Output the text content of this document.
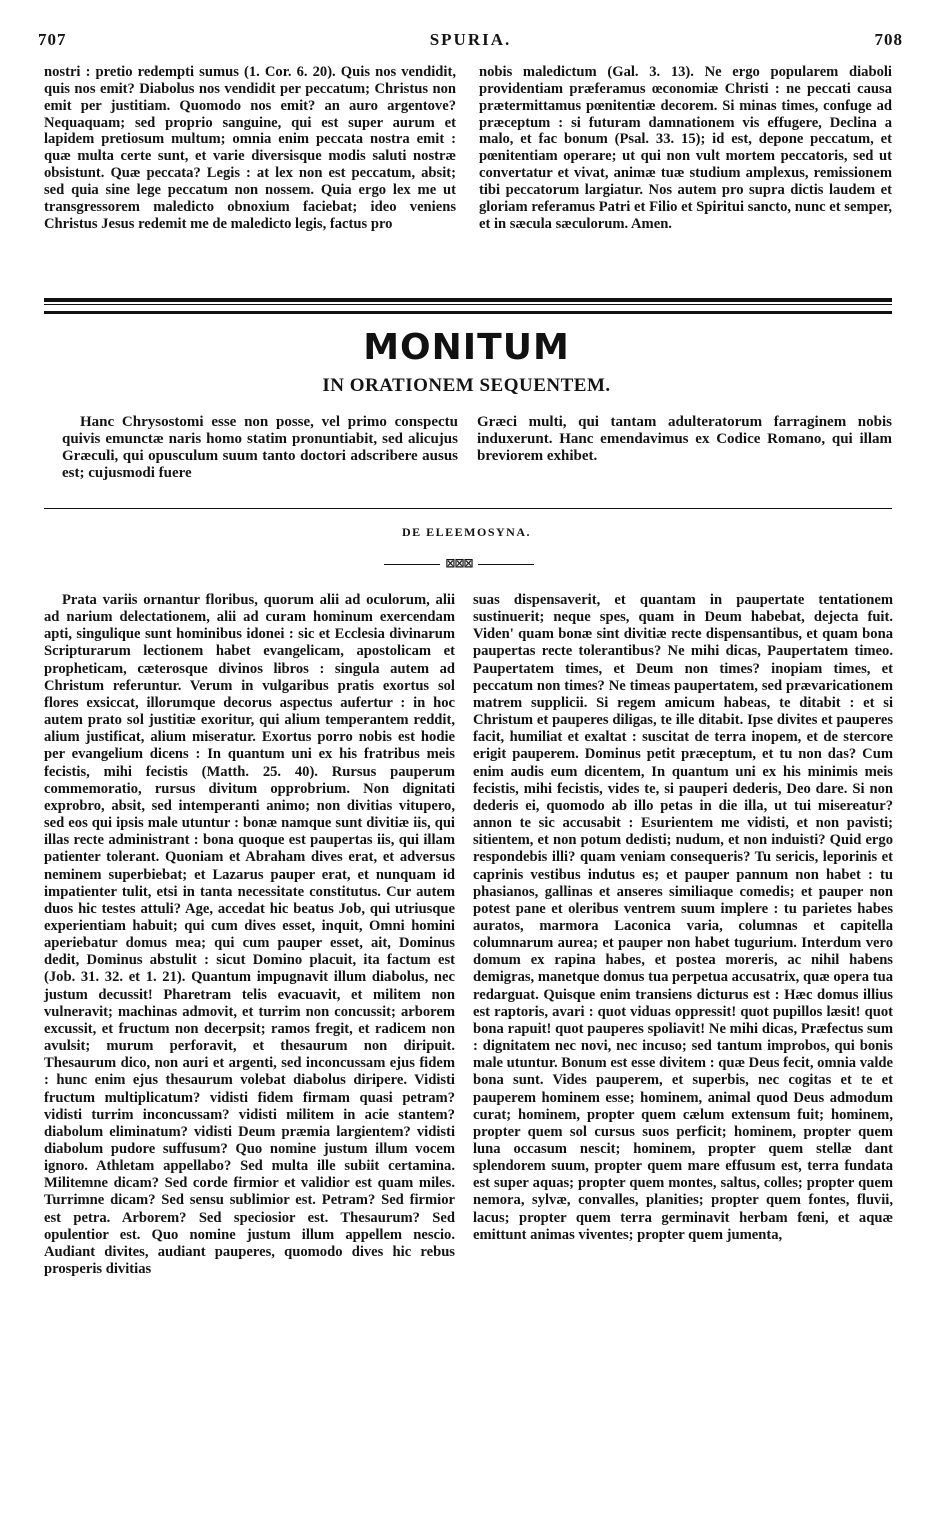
707	SPURIA.	708

nostri : pretio redempti sumus (1. Cor. 6. 20). Quis nos vendidit, quis nos emit? Diabolus nos vendidit per peccatum; Christus non emit per justitiam. Quomodo nos emit? an auro argentove? Nequaquam; sed proprio sanguine, qui est super aurum et lapidem pretiosum multum; omnia enim peccata nostra emit : quæ multa certe sunt, et varie diversisque modis saluti nostræ obsistunt. Quæ peccata? Legis : at lex non est peccatum, absit; sed quia sine lege peccatum non nossem. Quia ergo lex me ut transgressorem maledicto obnoxium faciebat; ideo veniens Christus Jesus redemit me de maledicto legis, factus pro

nobis maledictum (Gal. 3. 13). Ne ergo popularem diaboli providentiam præferamus œconomiæ Christi : ne peccati causa prætermittamus pœnitentiæ decorem. Si minas times, confuge ad præceptum : si futuram damnationem vis effugere, Declina a malo, et fac bonum (Psal. 33. 15); id est, depone peccatum, et pœnitentiam operare; ut qui non vult mortem peccatoris, sed ut convertatur et vivat, animæ tuæ studium amplexus, remissionem tibi peccatorum largiatur. Nos autem pro supra dictis laudem et gloriam referamus Patri et Filio et Spiritui sancto, nunc et semper, et in sæcula sæculorum. Amen.

MONITUM
IN ORATIONEM SEQUENTEM.

Hanc Chrysostomi esse non posse, vel primo conspectu quivis emunctæ naris homo statim pronuntiabit, sed alicujus Græculi, qui opusculum suum tanto doctori adscribere ausus est; cujusmodi fuere

Græci multi, qui tantam adulteratorum farraginem nobis induxerunt. Hanc emendavimus ex Codice Romano, qui illam breviorem exhibet.

DE ELEEMOSYNA.
⊠⊠⊠

Prata variis ornantur floribus, quorum alii ad oculorum, alii ad narium delectationem, alii ad curam hominum exercendam apti, singulique sunt hominibus idonei : sic et Ecclesia divinarum Scripturarum lectionem habet evangelicam, apostolicam et propheticam, cæterosque divinos libros : singula autem ad Christum referuntur. Verum in vulgaribus pratis exortus sol flores exsiccat, illorumque decorus aspectus aufertur : in hoc autem prato sol justitiæ exoritur, qui alium temperantem reddit, alium justificat, alium miseratur. Exortus porro nobis est hodie per evangelium dicens : In quantum uni ex his fratribus meis fecistis, mihi fecistis (Matth. 25. 40). Rursus pauperum commemoratio, rursus divitum opprobrium. Non dignitati exprobro, absit, sed intemperanti animo; non divitias vitupero, sed eos qui ipsis male utuntur : bonæ namque sunt divitiæ iis, qui illas recte administrant : bona quoque est paupertas iis, qui illam patienter tolerant. Quoniam et Abraham dives erat, et adversus neminem superbiebat; et Lazarus pauper erat, et nunquam id impatienter tulit, etsi in tanta necessitate constitutus. Cur autem duos hic testes attuli? Age, accedat hic beatus Job, qui utriusque experientiam habuit; qui cum dives esset, inquit, Omni homini aperiebatur domus mea; qui cum pauper esset, ait, Dominus dedit, Dominus abstulit : sicut Domino placuit, ita factum est (Job. 31. 32. et 1. 21). Quantum impugnavit illum diabolus, nec justum decussit! Pharetram telis evacuavit, et militem non vulneravit; machinas admovit, et turrim non concussit; arborem excussit, et fructum non decerpsit; ramos fregit, et radicem non avulsit; murum perforavit, et thesaurum non diripuit. Thesaurum dico, non auri et argenti, sed inconcussam ejus fidem : hunc enim ejus thesaurum volebat diabolus diripere. Vidisti fructum multiplicatum? vidisti fidem firmam quasi petram? vidisti turrim inconcussam? vidisti militem in acie stantem? diabolum eliminatum? vidisti Deum præmia largientem? vidisti diabolum pudore suffusum? Quo nomine justum illum vocem ignoro. Athletam appellabo? Sed multa ille subiit certamina. Militemne dicam? Sed corde firmior et validior est quam miles. Turrimne dicam? Sed sensu sublimior est. Petram? Sed firmior est petra. Arborem? Sed speciosior est. Thesaurum? Sed opulentior est. Quo nomine justum illum appellem nescio. Audiant divites, audiant pauperes, quomodo dives hic rebus prosperis divitias

suas dispensaverit, et quantam in paupertate tentationem sustinuerit; neque spes, quam in Deum habebat, dejecta fuit. Viden' quam bonæ sint divitiæ recte dispensantibus, et quam bona paupertas recte tolerantibus? Ne mihi dicas, Paupertatem timeo. Paupertatem times, et Deum non times? inopiam times, et peccatum non times? Ne timeas paupertatem, sed prævaricationem matrem supplicii. Si regem amicum habeas, te ditabit : et si Christum et pauperes diligas, te ille ditabit. Ipse divites et pauperes facit, humiliat et exaltat : suscitat de terra inopem, et de stercore erigit pauperem. Dominus petit præceptum, et tu non das? Cum enim audis eum dicentem, In quantum uni ex his minimis meis fecistis, mihi fecistis, vides te, si pauperi dederis, Deo dare. Si non dederis ei, quomodo ab illo petas in die illa, ut tui misereatur? annon te sic accusabit : Esurientem me vidisti, et non pavisti; sitientem, et non potum dedisti; nudum, et non induisti? Quid ergo respondebis illi? quam veniam consequeris? Tu sericis, leporinis et caprinis vestibus indutus es; et pauper pannum non habet : tu phasianos, gallinas et anseres similiaque comedis; et pauper non potest pane et oleribus ventrem suum implere : tu parietes habes auratos, marmora Laconica varia, columnas et capitella columnarum aurea; et pauper non habet tugurium. Interdum vero domum ex rapina habes, et postea moreris, ac nihil habens demigras, manetque domus tua perpetua accusatrix, quæ opera tua redarguat. Quisque enim transiens dicturus est : Hæc domus illius est raptoris, avari : quot viduas oppressit! quot pupillos læsit! quot bona rapuit! quot pauperes spoliavit! Ne mihi dicas, Præfectus sum : dignitatem nec novi, nec incuso; sed tantum improbos, qui bonis male utuntur. Bonum est esse divitem : quæ Deus fecit, omnia valde bona sunt. Vides pauperem, et superbis, nec cogitas et te et pauperem hominem esse; hominem, animal quod Deus admodum curat; hominem, propter quem cælum extensum fuit; hominem, propter quem sol cursus suos perficit; hominem, propter quem luna occasum nescit; hominem, propter quem stellæ dant splendorem suum, propter quem mare effusum est, terra fundata est super aquas; propter quem montes, saltus, colles; propter quem nemora, sylvæ, convalles, planities; propter quem fontes, fluvii, lacus; propter quem terra germinavit herbam fœni, et aquæ emittunt animas viventes; propter quem jumenta,
